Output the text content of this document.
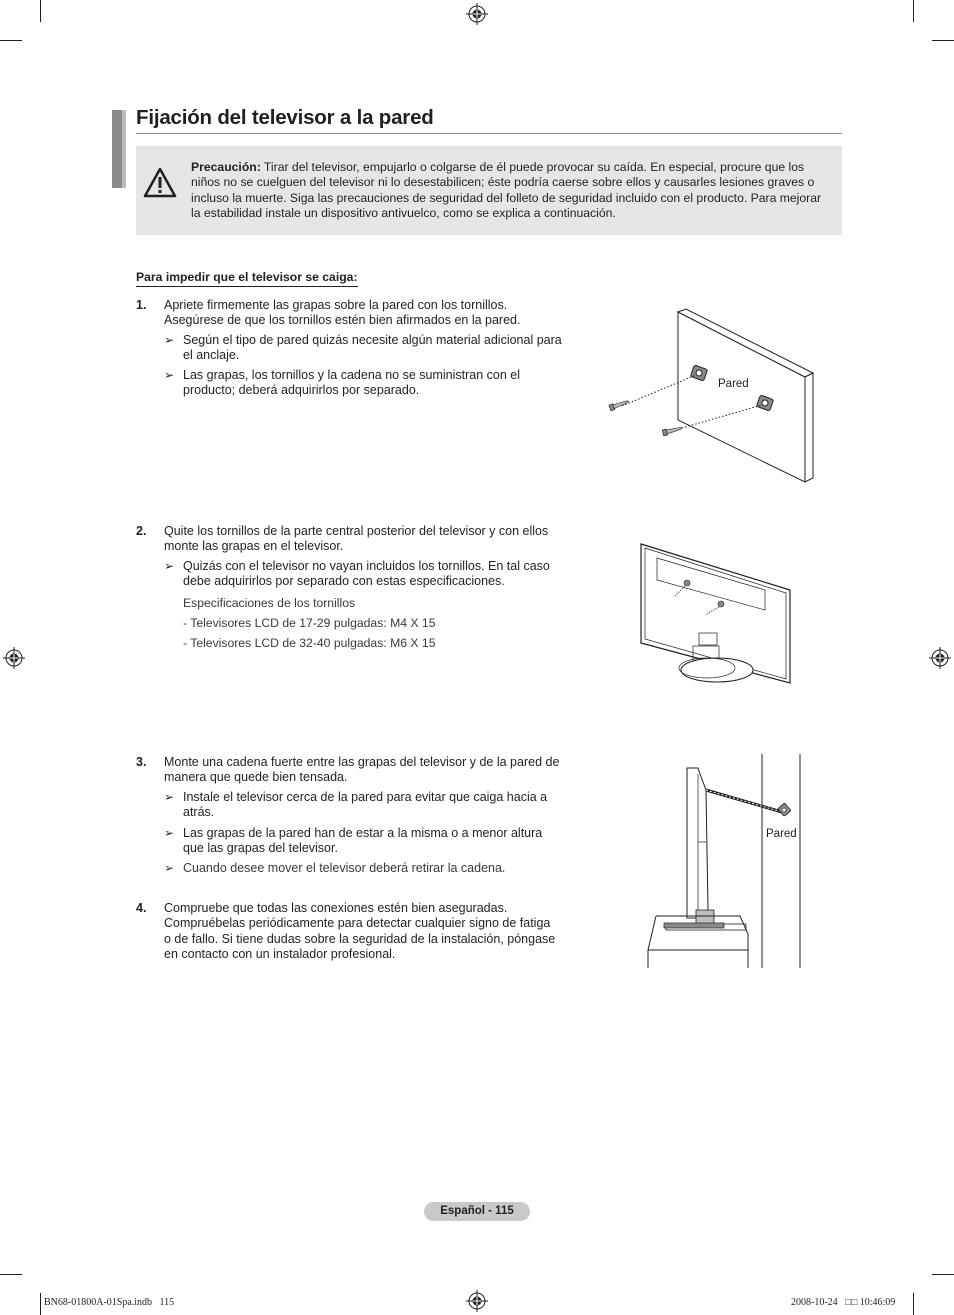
Fijación del televisor a la pared
Precaución: Tirar del televisor, empujarlo o colgarse de él puede provocar su caída. En especial, procure que los niños no se cuelguen del televisor ni lo desestabilicen; éste podría caerse sobre ellos y causarles lesiones graves o incluso la muerte. Siga las precauciones de seguridad del folleto de seguridad incluido con el producto. Para mejorar la estabilidad instale un dispositivo antivuelco, como se explica a continuación.
Para impedir que el televisor se caiga:
1. Apriete firmemente las grapas sobre la pared con los tornillos.
Asegúrese de que los tornillos estén bien afirmados en la pared.
➢ Según el tipo de pared quizás necesite algún material adicional para
el anclaje.
➢ Las grapas, los tornillos y la cadena no se suministran con el
producto; deberá adquirirlos por separado.	Pared
2. Quite los tornillos de la parte central posterior del televisor y con ellos
monte las grapas en el televisor.
➢ Quizás con el televisor no vayan incluidos los tornillos. En tal caso
debe adquirirlos por separado con estas especificaciones.
Especificaciones de los tornillos
- Televisores LCD de 17-29 pulgadas: M4 X 15
- Televisores LCD de 32-40 pulgadas: M6 X 15
3. Monte una cadena fuerte entre las grapas del televisor y de la pared de
manera que quede bien tensada.
➢ Instale el televisor cerca de la pared para evitar que caiga hacia a
atrás.
➢ Las grapas de la pared han de estar a la misma o a menor altura
que las grapas del televisor.
➢ Cuando desee mover el televisor deberá retirar la cadena.
4. Compruebe que todas las conexiones estén bien aseguradas.
Compruébelas periódicamente para detectar cualquier signo de fatiga
o de fallo. Si tiene dudas sobre la seguridad de la instalación, póngase
en contacto con un instalador profesional.
Pared
Español - 115
BN68-01800A-01Spa.indb   115	2008-10-24   □□ 10:46:09
